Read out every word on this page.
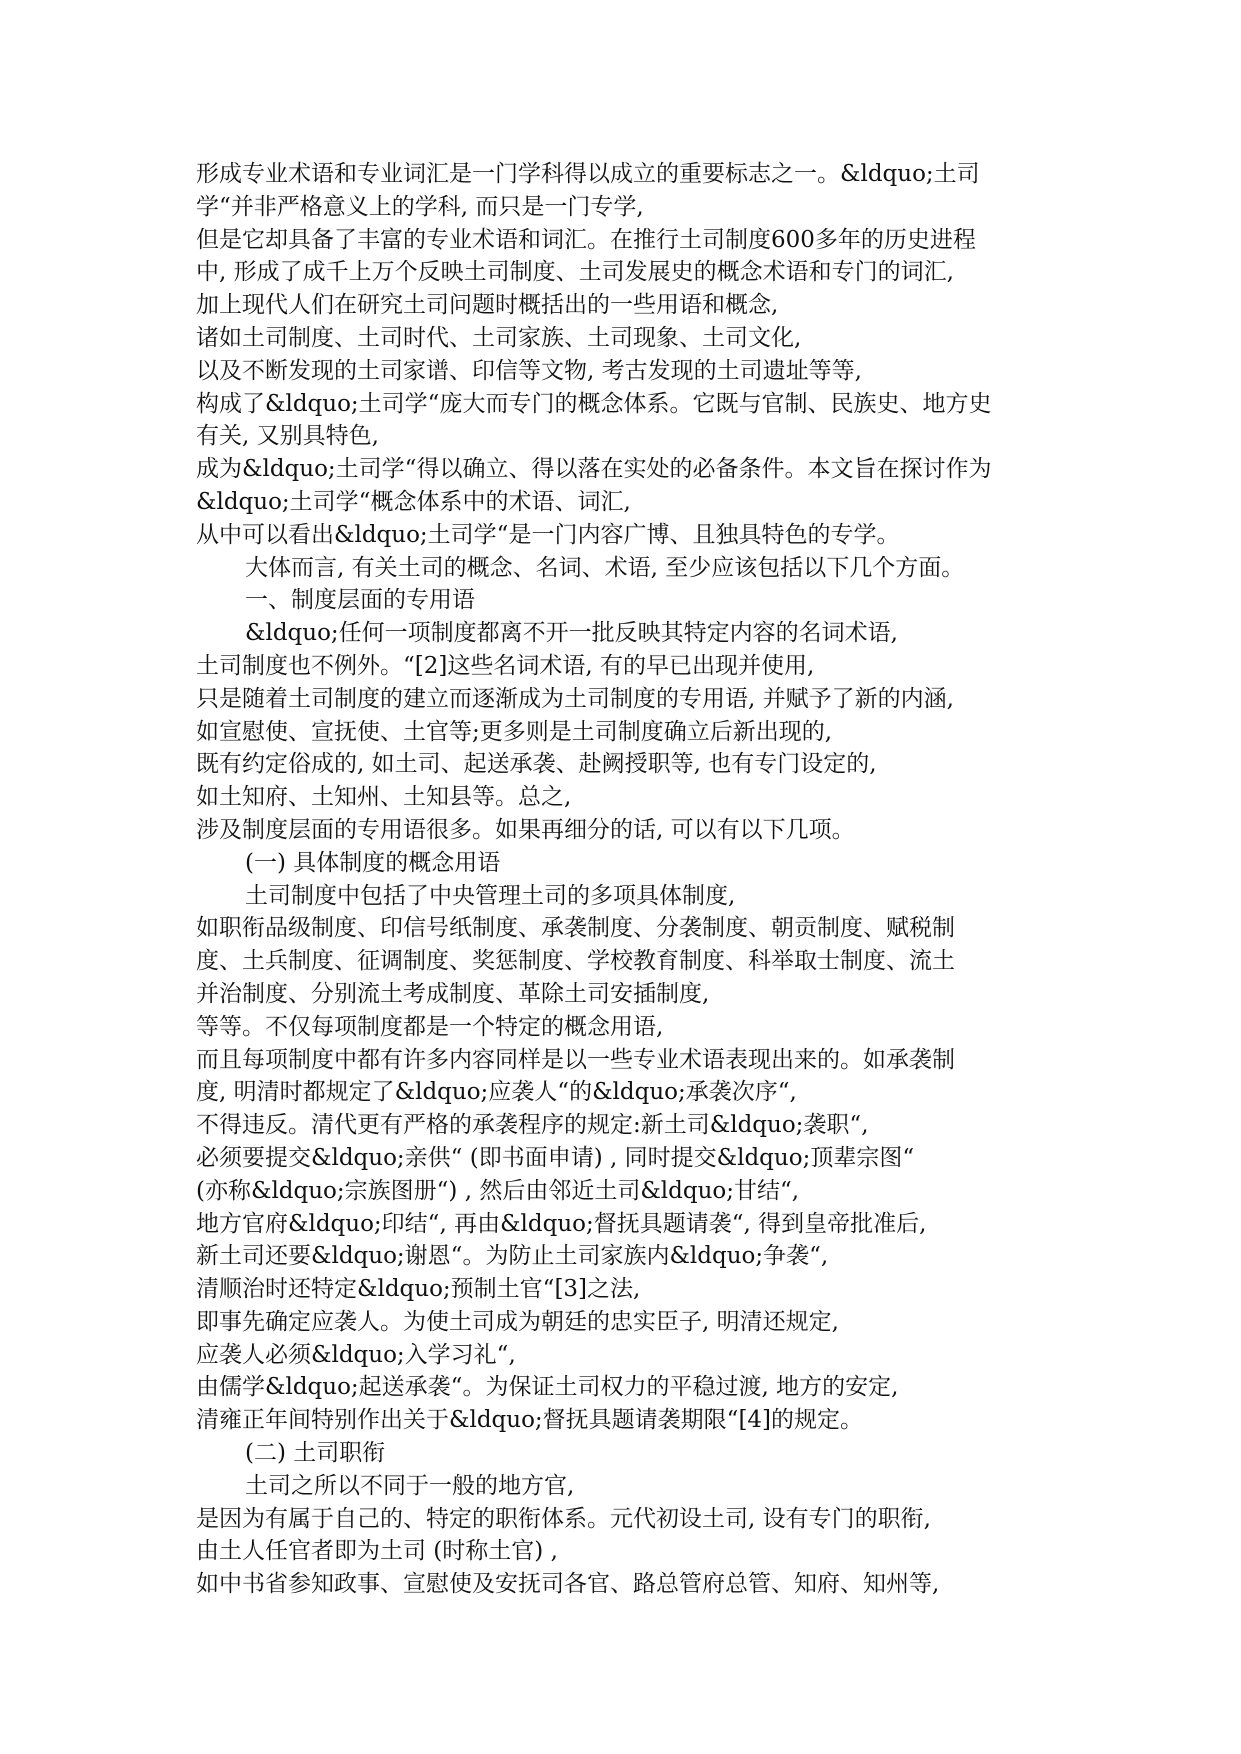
形成专业术语和专业词汇是一门学科得以成立的重要标志之一。&ldquo;土司
学“并非严格意义上的学科, 而只是一门专学,
但是它却具备了丰富的专业术语和词汇。在推行土司制度600多年的历史进程
中, 形成了成千上万个反映土司制度、土司发展史的概念术语和专门的词汇,
加上现代人们在研究土司问题时概括出的一些用语和概念,
诸如土司制度、土司时代、土司家族、土司现象、土司文化,
以及不断发现的土司家谱、印信等文物, 考古发现的土司遗址等等,
构成了&ldquo;土司学“庞大而专门的概念体系。它既与官制、民族史、地方史
有关, 又别具特色,
成为&ldquo;土司学“得以确立、得以落在实处的必备条件。本文旨在探讨作为
&ldquo;土司学“概念体系中的术语、词汇,
从中可以看出&ldquo;土司学“是一门内容广博、且独具特色的专学。
大体而言, 有关土司的概念、名词、术语, 至少应该包括以下几个方面。
一、制度层面的专用语
&ldquo;任何一项制度都离不开一批反映其特定内容的名词术语,
土司制度也不例外。“[2]这些名词术语, 有的早已出现并使用,
只是随着土司制度的建立而逐渐成为土司制度的专用语, 并赋予了新的内涵,
如宣慰使、宣抚使、土官等;更多则是土司制度确立后新出现的,
既有约定俗成的, 如土司、起送承袭、赴阙授职等, 也有专门设定的,
如土知府、土知州、土知县等。总之,
涉及制度层面的专用语很多。如果再细分的话, 可以有以下几项。
(一) 具体制度的概念用语
土司制度中包括了中央管理土司的多项具体制度,
如职衔品级制度、印信号纸制度、承袭制度、分袭制度、朝贡制度、赋税制
度、土兵制度、征调制度、奖惩制度、学校教育制度、科举取士制度、流土
并治制度、分别流土考成制度、革除土司安插制度,
等等。不仅每项制度都是一个特定的概念用语,
而且每项制度中都有许多内容同样是以一些专业术语表现出来的。如承袭制
度, 明清时都规定了&ldquo;应袭人“的&ldquo;承袭次序“,
不得违反。清代更有严格的承袭程序的规定:新土司&ldquo;袭职“,
必须要提交&ldquo;亲供“ (即书面申请) , 同时提交&ldquo;顶辈宗图“
(亦称&ldquo;宗族图册“) , 然后由邻近土司&ldquo;甘结“,
地方官府&ldquo;印结“, 再由&ldquo;督抚具题请袭“, 得到皇帝批准后,
新土司还要&ldquo;谢恩“。为防止土司家族内&ldquo;争袭“,
清顺治时还特定&ldquo;预制土官“[3]之法,
即事先确定应袭人。为使土司成为朝廷的忠实臣子, 明清还规定,
应袭人必须&ldquo;入学习礼“,
由儒学&ldquo;起送承袭“。为保证土司权力的平稳过渡, 地方的安定,
清雍正年间特别作出关于&ldquo;督抚具题请袭期限“[4]的规定。
(二) 土司职衔
土司之所以不同于一般的地方官,
是因为有属于自己的、特定的职衔体系。元代初设土司, 设有专门的职衔,
由土人任官者即为土司 (时称土官) ,
如中书省参知政事、宣慰使及安抚司各官、路总管府总管、知府、知州等,
